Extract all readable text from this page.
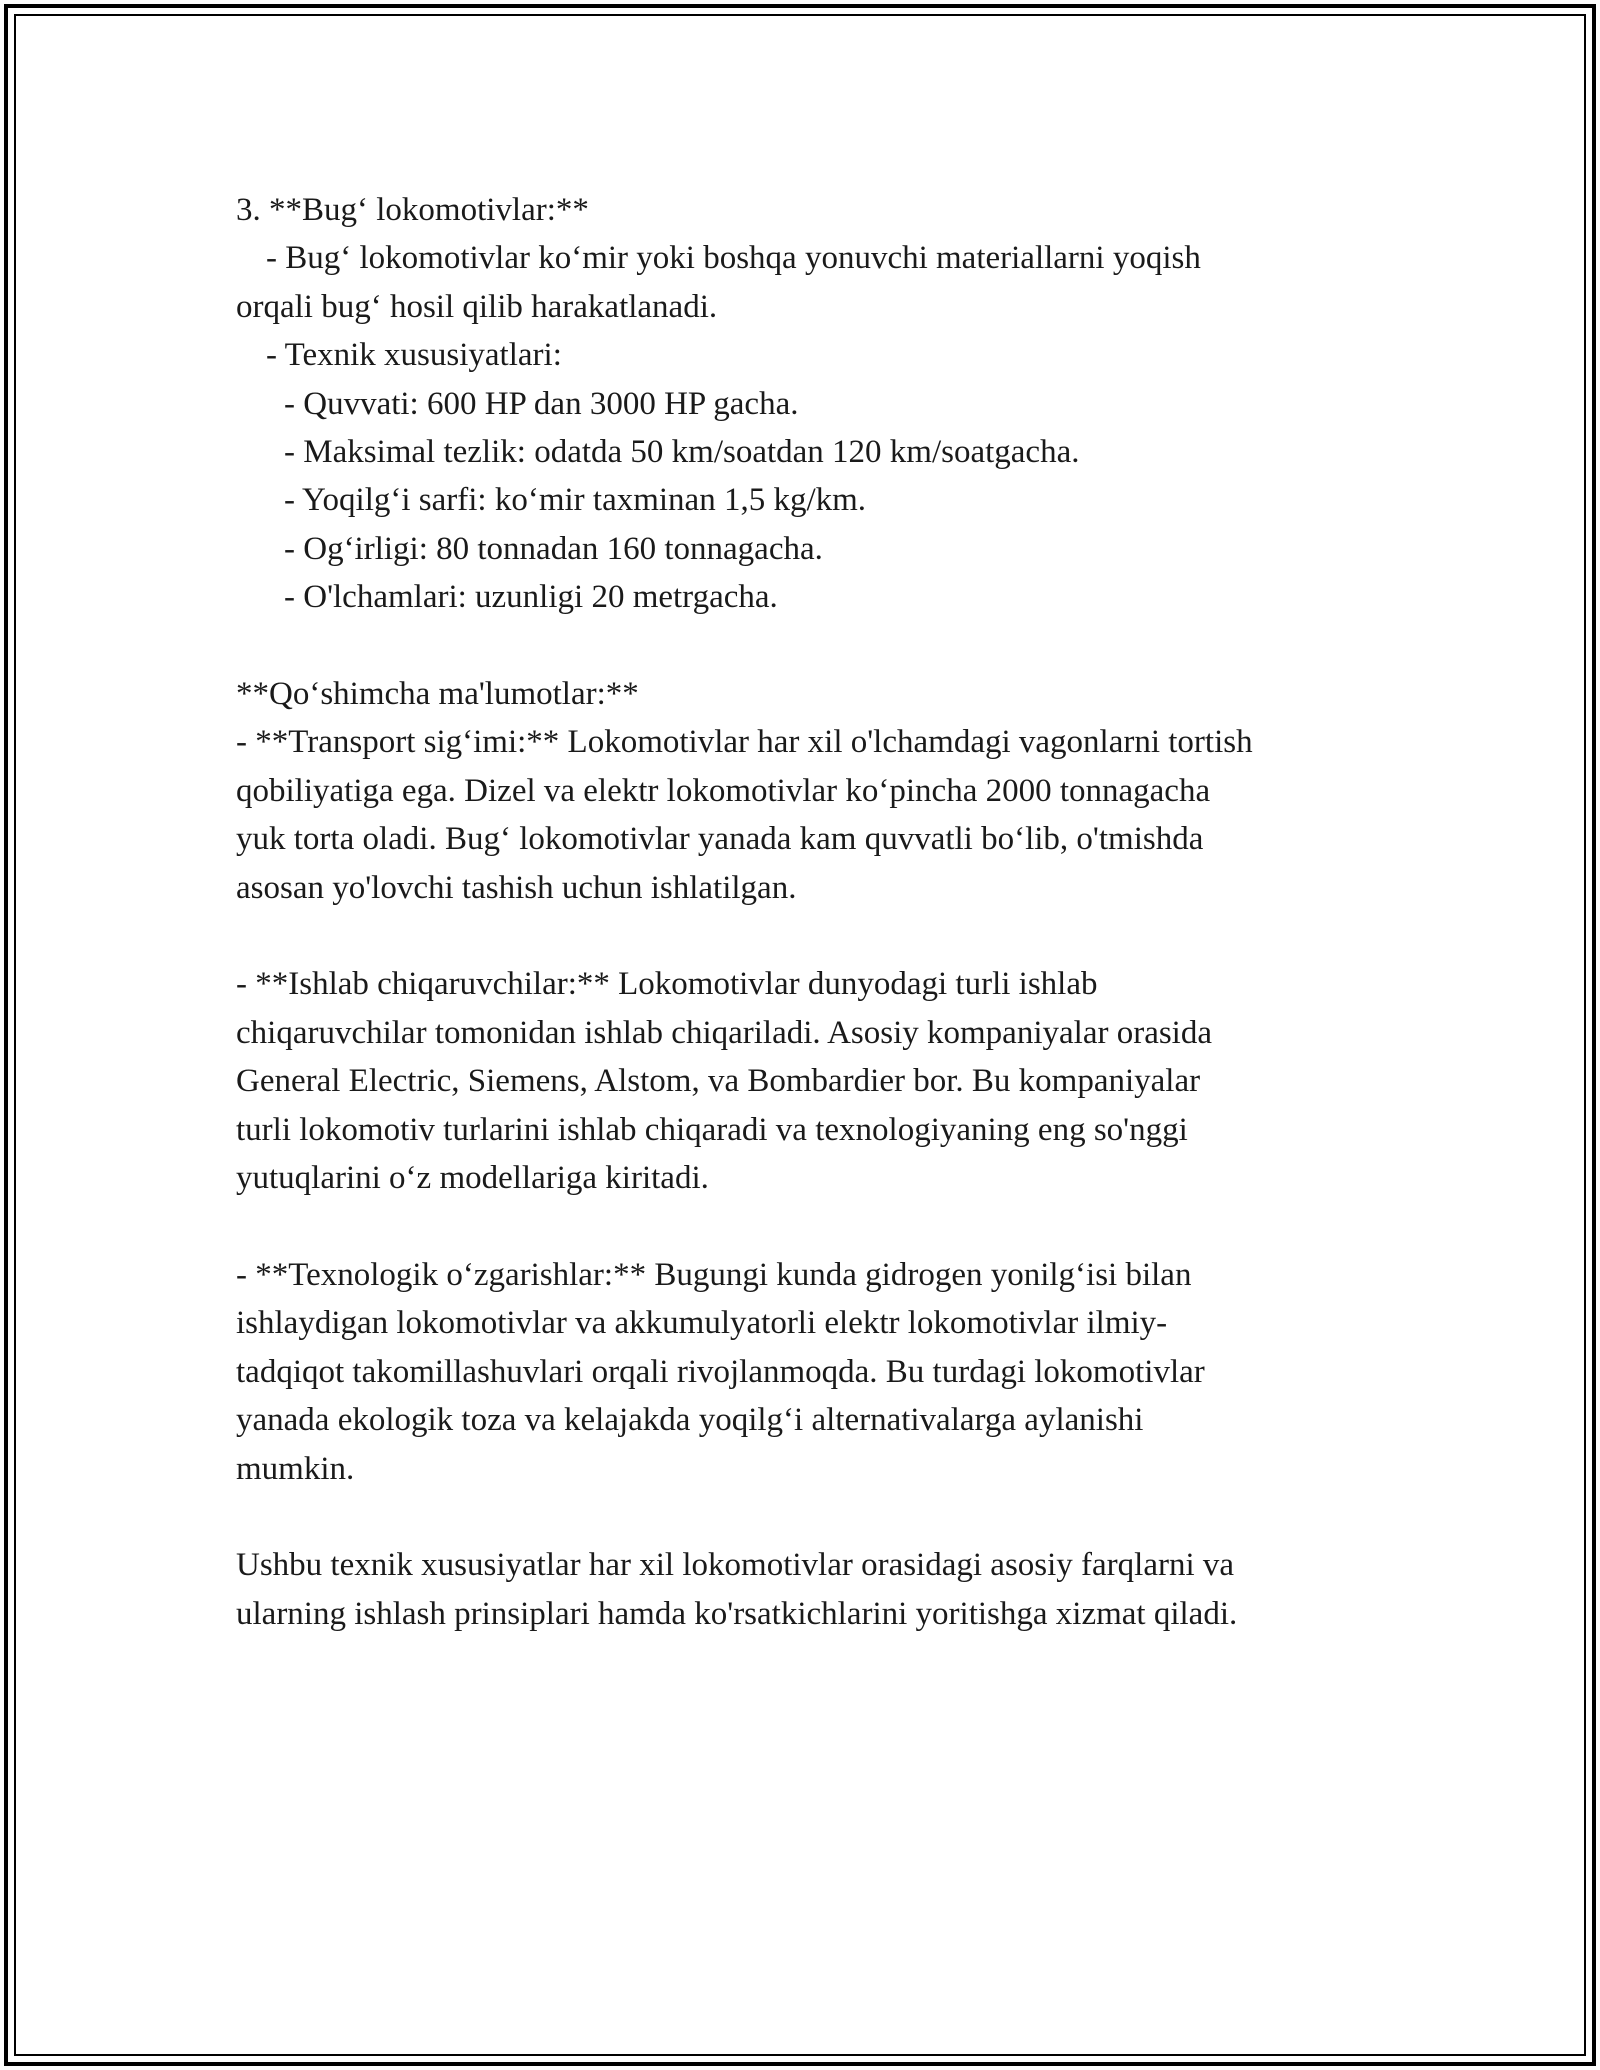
3. **Bug‘ lokomotivlar:**
- Bug‘ lokomotivlar ko‘mir yoki boshqa yonuvchi materiallarni yoqish
orqali bug‘ hosil qilib harakatlanadi.
- Texnik xususiyatlari:
- Quvvati: 600 HP dan 3000 HP gacha.
- Maksimal tezlik: odatda 50 km/soatdan 120 km/soatgacha.
- Yoqilg‘i sarfi: ko‘mir taxminan 1,5 kg/km.
- Og‘irligi: 80 tonnadan 160 tonnagacha.
- O'lchamlari: uzunligi 20 metrgacha.
**Qo‘shimcha ma'lumotlar:**
- **Transport sig‘imi:** Lokomotivlar har xil o'lchamdagi vagonlarni tortish
qobiliyatiga ega. Dizel va elektr lokomotivlar ko‘pincha 2000 tonnagacha
yuk torta oladi. Bug‘ lokomotivlar yanada kam quvvatli bo‘lib, o'tmishda
asosan yo'lovchi tashish uchun ishlatilgan.
- **Ishlab chiqaruvchilar:** Lokomotivlar dunyodagi turli ishlab
chiqaruvchilar tomonidan ishlab chiqariladi. Asosiy kompaniyalar orasida
General Electric, Siemens, Alstom, va Bombardier bor. Bu kompaniyalar
turli lokomotiv turlarini ishlab chiqaradi va texnologiyaning eng so'nggi
yutuqlarini o‘z modellariga kiritadi.
- **Texnologik o‘zgarishlar:** Bugungi kunda gidrogen yonilg‘isi bilan
ishlaydigan lokomotivlar va akkumulyatorli elektr lokomotivlar ilmiy-
tadqiqot takomillashuvlari orqali rivojlanmoqda. Bu turdagi lokomotivlar
yanada ekologik toza va kelajakda yoqilg‘i alternativalarga aylanishi
mumkin.
Ushbu texnik xususiyatlar har xil lokomotivlar orasidagi asosiy farqlarni va
ularning ishlash prinsiplari hamda ko'rsatkichlarini yoritishga xizmat qiladi.
